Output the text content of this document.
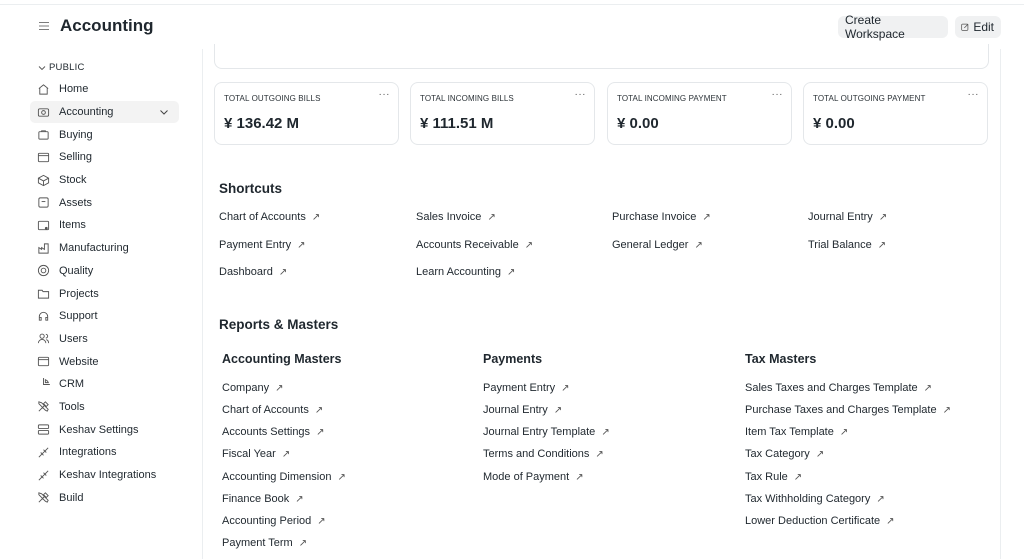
Accounting	Create Workspace	Edit
PUBLIC
Home
Accounting
Buying
Selling
Stock
Assets
Items
Manufacturing
Quality
Projects
Support
Users
Website
CRM
Tools
Keshav Settings
Integrations
Keshav Integrations
Build
TOTAL OUTGOING BILLS	···
¥ 136.42 M
TOTAL INCOMING BILLS	···
¥ 111.51 M
TOTAL INCOMING PAYMENT	···
¥ 0.00
TOTAL OUTGOING PAYMENT	···
¥ 0.00
Shortcuts
Chart of Accounts ↗	Sales Invoice ↗	Purchase Invoice ↗	Journal Entry ↗
Payment Entry ↗	Accounts Receivable ↗	General Ledger ↗	Trial Balance ↗
Dashboard ↗	Learn Accounting ↗
Reports & Masters
Accounting Masters
Company ↗
Chart of Accounts ↗
Accounts Settings ↗
Fiscal Year ↗
Accounting Dimension ↗
Finance Book ↗
Accounting Period ↗
Payment Term ↗
Payments
Payment Entry ↗
Journal Entry ↗
Journal Entry Template ↗
Terms and Conditions ↗
Mode of Payment ↗
Tax Masters
Sales Taxes and Charges Template ↗
Purchase Taxes and Charges Template ↗
Item Tax Template ↗
Tax Category ↗
Tax Rule ↗
Tax Withholding Category ↗
Lower Deduction Certificate ↗
